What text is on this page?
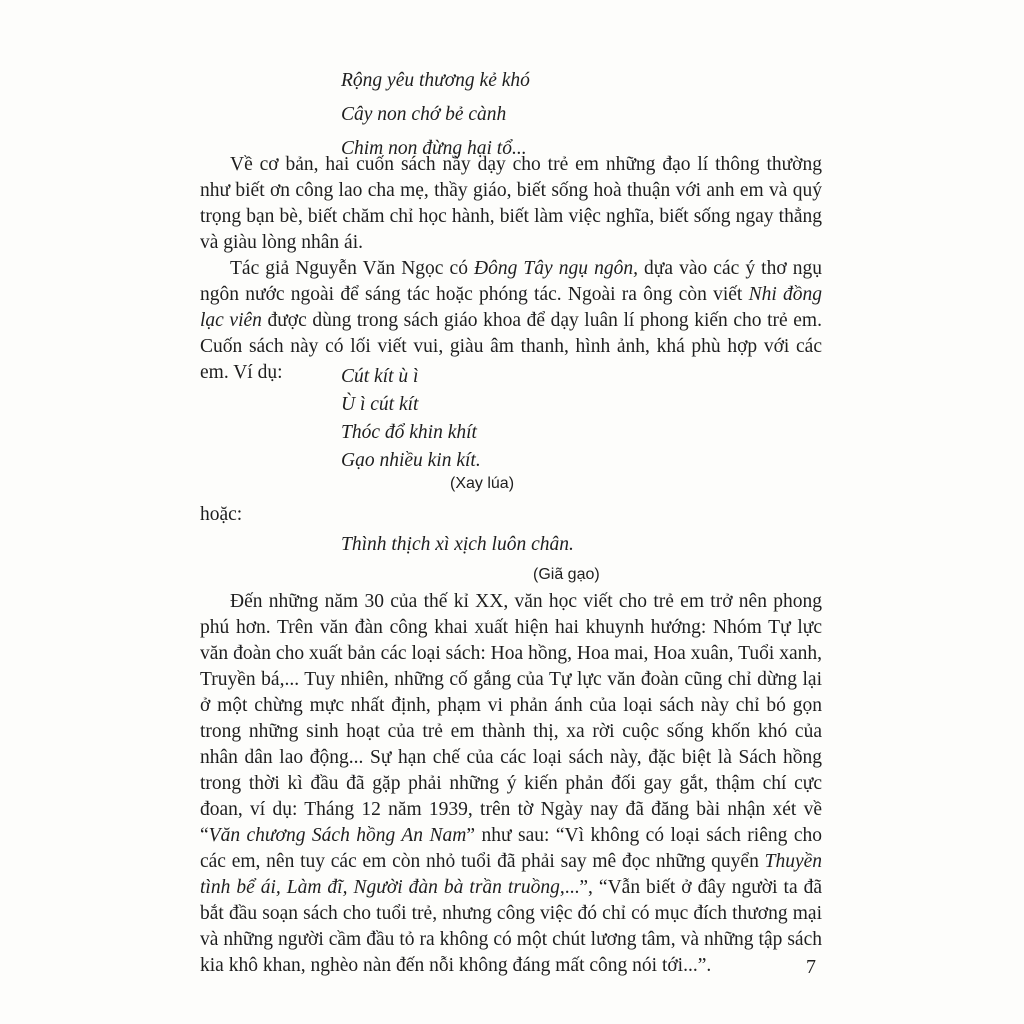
Rộng yêu thương kẻ khó
Cây non chớ bẻ cành
Chim non đừng hại tổ...

Về cơ bản, hai cuốn sách này dạy cho trẻ em những đạo lí thông thường như biết ơn công lao cha mẹ, thầy giáo, biết sống hoà thuận với anh em và quý trọng bạn bè, biết chăm chỉ học hành, biết làm việc nghĩa, biết sống ngay thẳng và giàu lòng nhân ái.

Tác giả Nguyễn Văn Ngọc có Đông Tây ngụ ngôn, dựa vào các ý thơ ngụ ngôn nước ngoài để sáng tác hoặc phóng tác. Ngoài ra ông còn viết Nhi đồng lạc viên được dùng trong sách giáo khoa để dạy luân lí phong kiến cho trẻ em. Cuốn sách này có lối viết vui, giàu âm thanh, hình ảnh, khá phù hợp với các em. Ví dụ:	Cút kít ù ì
Ù ì cút kít
Thóc đổ khin khít
Gạo nhiều kin kít.
(Xay lúa)
hoặc:
Thình thịch xì xịch luôn chân.
(Giã gạo)

Đến những năm 30 của thế kỉ XX, văn học viết cho trẻ em trở nên phong phú hơn. Trên văn đàn công khai xuất hiện hai khuynh hướng: Nhóm Tự lực văn đoàn cho xuất bản các loại sách: Hoa hồng, Hoa mai, Hoa xuân, Tuổi xanh, Truyền bá,... Tuy nhiên, những cố gắng của Tự lực văn đoàn cũng chỉ dừng lại ở một chừng mực nhất định, phạm vi phản ánh của loại sách này chỉ bó gọn trong những sinh hoạt của trẻ em thành thị, xa rời cuộc sống khốn khó của nhân dân lao động... Sự hạn chế của các loại sách này, đặc biệt là Sách hồng trong thời kì đầu đã gặp phải những ý kiến phản đối gay gắt, thậm chí cực đoan, ví dụ: Tháng 12 năm 1939, trên tờ Ngày nay đã đăng bài nhận xét về “Văn chương Sách hồng An Nam” như sau: “Vì không có loại sách riêng cho các em, nên tuy các em còn nhỏ tuổi đã phải say mê đọc những quyển Thuyền tình bể ái, Làm đĩ, Người đàn bà trần truồng,...”, “Vẫn biết ở đây người ta đã bắt đầu soạn sách cho tuổi trẻ, nhưng công việc đó chỉ có mục đích thương mại và những người cầm đầu tỏ ra không có một chút lương tâm, và những tập sách kia khô khan, nghèo nàn đến nỗi không đáng mất công nói tới...”.	7
